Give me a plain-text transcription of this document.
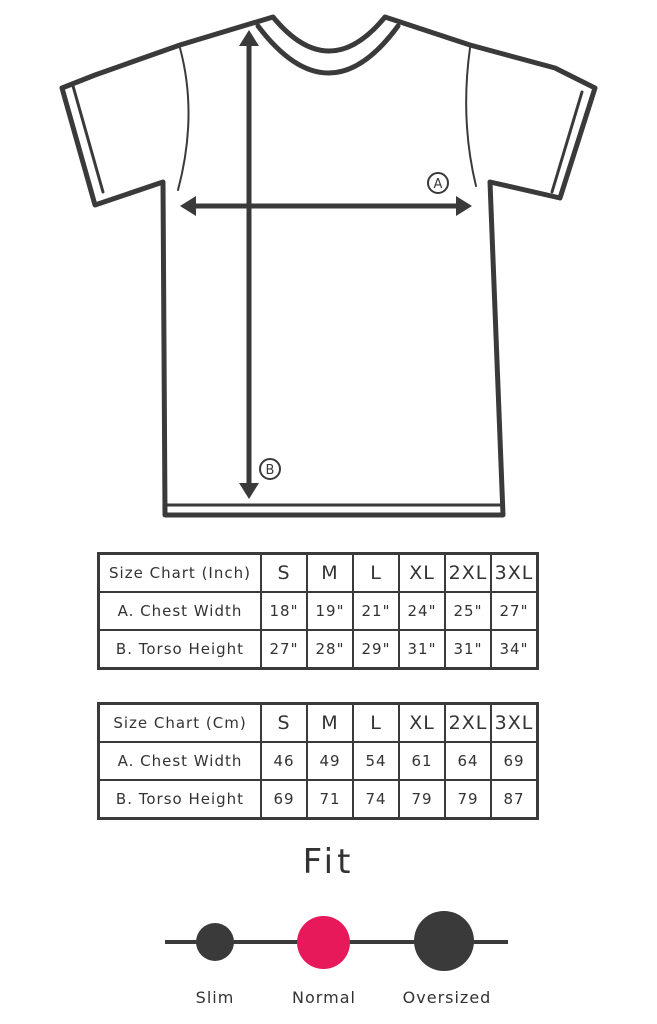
A
B
Size Chart (Inch)	S	M	L	XL	2XL	3XL
A. Chest Width	18"	19"	21"	24"	25"	27"
B. Torso Height	27"	28"	29"	31"	31"	34"
Size Chart (Cm)	S	M	L	XL	2XL	3XL
A. Chest Width	46	49	54	61	64	69
B. Torso Height	69	71	74	79	79	87
Fit
Slim	Normal	Oversized
